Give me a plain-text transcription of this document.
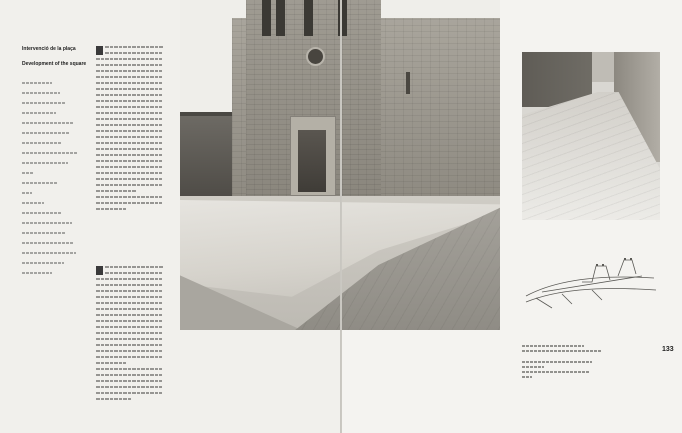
Intervenció de la plaça
Development of the square
133
